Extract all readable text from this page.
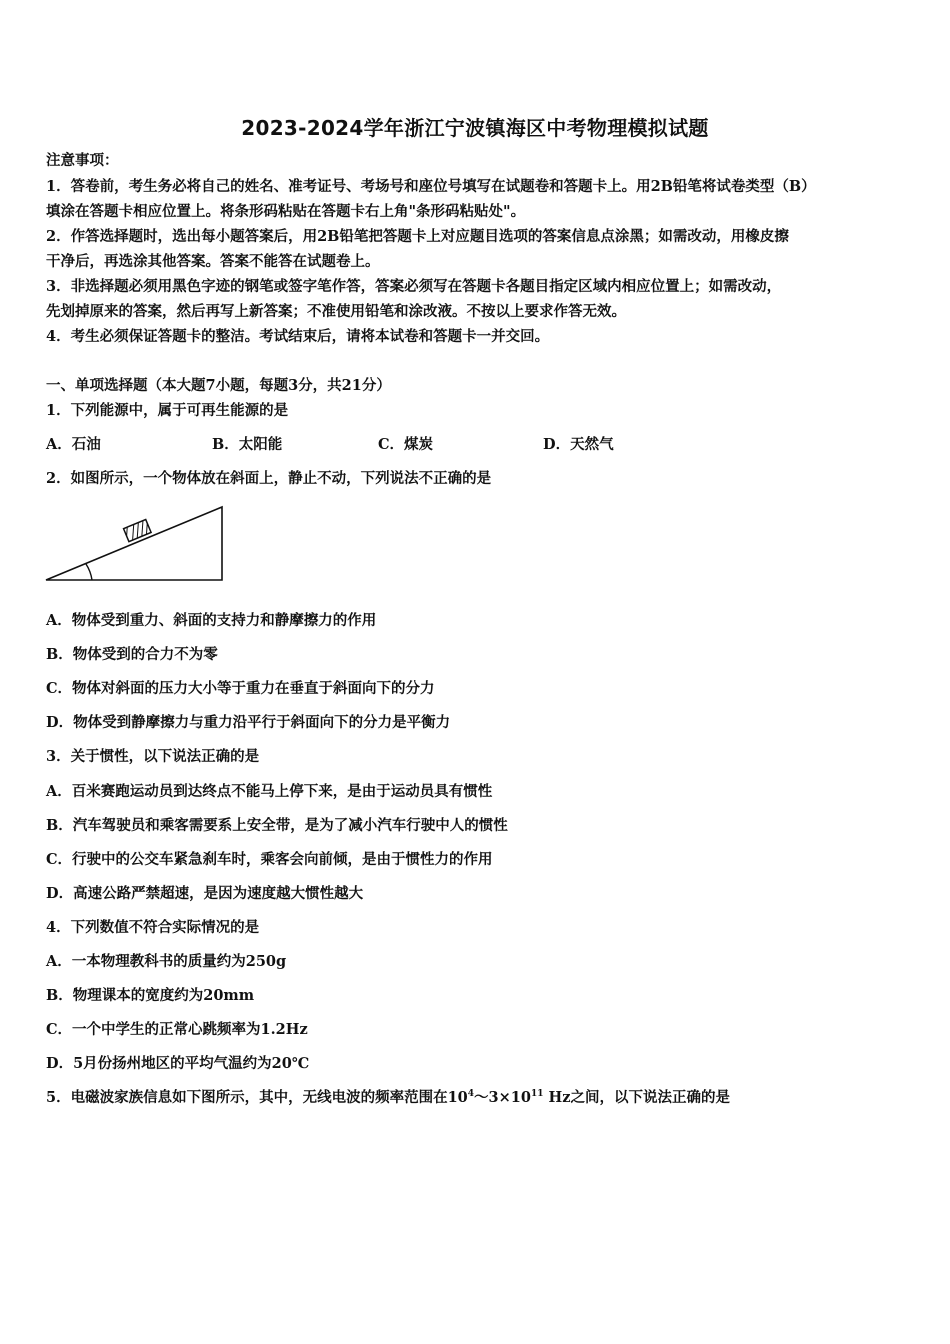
2023-2024学年浙江宁波镇海区中考物理模拟试题
注意事项：
1．答卷前，考生务必将自己的姓名、准考证号、考场号和座位号填写在试题卷和答题卡上。用2B铅笔将试卷类型（B）
填涂在答题卡相应位置上。将条形码粘贴在答题卡右上角"条形码粘贴处"。
2．作答选择题时，选出每小题答案后，用2B铅笔把答题卡上对应题目选项的答案信息点涂黑；如需改动，用橡皮擦
干净后，再选涂其他答案。答案不能答在试题卷上。
3．非选择题必须用黑色字迹的钢笔或签字笔作答，答案必须写在答题卡各题目指定区域内相应位置上；如需改动，
先划掉原来的答案，然后再写上新答案；不准使用铅笔和涂改液。不按以上要求作答无效。
4．考生必须保证答题卡的整洁。考试结束后，请将本试卷和答题卡一并交回。
一、单项选择题（本大题7小题，每题3分，共21分）
1．下列能源中，属于可再生能源的是
A．石油	B．太阳能	C．煤炭	D．天然气
2．如图所示，一个物体放在斜面上，静止不动，下列说法不正确的是
A．物体受到重力、斜面的支持力和静摩擦力的作用
B．物体受到的合力不为零
C．物体对斜面的压力大小等于重力在垂直于斜面向下的分力
D．物体受到静摩擦力与重力沿平行于斜面向下的分力是平衡力
3．关于惯性，以下说法正确的是
A．百米赛跑运动员到达终点不能马上停下来，是由于运动员具有惯性
B．汽车驾驶员和乘客需要系上安全带，是为了减小汽车行驶中人的惯性
C．行驶中的公交车紧急刹车时，乘客会向前倾，是由于惯性力的作用
D．高速公路严禁超速，是因为速度越大惯性越大
4．下列数值不符合实际情况的是
A．一本物理教科书的质量约为250g
B．物理课本的宽度约为20mm
C．一个中学生的正常心跳频率为1.2Hz
D．5月份扬州地区的平均气温约为20℃
5．电磁波家族信息如下图所示，其中，无线电波的频率范围在$10^4\sim 3\times 10^{11}$ Hz之间，以下说法正确的是
